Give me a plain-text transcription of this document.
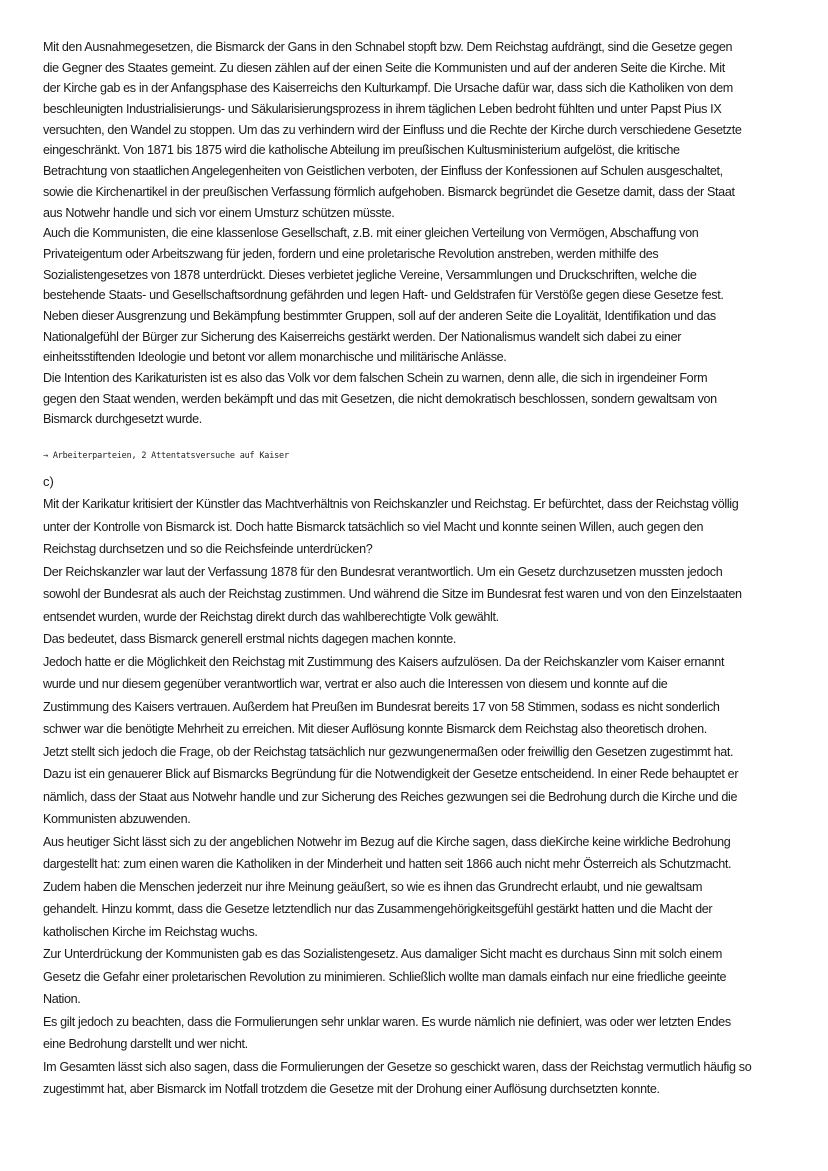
Mit den Ausnahmegesetzen, die Bismarck der Gans in den Schnabel stopft bzw. Dem Reichstag aufdrängt, sind die Gesetze gegen
die Gegner des Staates gemeint. Zu diesen zählen auf der einen Seite die Kommunisten und auf der anderen Seite die Kirche. Mit
der Kirche gab es in der Anfangsphase des Kaiserreichs den Kulturkampf. Die Ursache dafür war, dass sich die Katholiken von dem
beschleunigten Industrialisierungs- und Säkularisierungsprozess in ihrem täglichen Leben bedroht fühlten und unter Papst Pius IX
versuchten, den Wandel zu stoppen. Um das zu verhindern wird der Einfluss und die Rechte der Kirche durch verschiedene Gesetzte
eingeschränkt. Von 1871 bis 1875 wird die katholische Abteilung im preußischen Kultusministerium aufgelöst, die kritische
Betrachtung von staatlichen Angelegenheiten von Geistlichen verboten, der Einfluss der Konfessionen auf Schulen ausgeschaltet,
sowie die Kirchenartikel in der preußischen Verfassung förmlich aufgehoben. Bismarck begründet die Gesetze damit, dass der Staat
aus Notwehr handle und sich vor einem Umsturz schützen müsste.
Auch die Kommunisten, die eine klassenlose Gesellschaft, z.B. mit einer gleichen Verteilung von Vermögen, Abschaffung von
Privateigentum oder Arbeitszwang für jeden, fordern und eine proletarische Revolution anstreben, werden mithilfe des
Sozialistengesetzes von 1878 unterdrückt. Dieses verbietet jegliche Vereine, Versammlungen und Druckschriften, welche die
bestehende Staats- und Gesellschaftsordnung gefährden und legen Haft- und Geldstrafen für Verstöße gegen diese Gesetze fest.
Neben dieser Ausgrenzung und Bekämpfung bestimmter Gruppen, soll auf der anderen Seite die Loyalität, Identifikation und das
Nationalgefühl der Bürger zur Sicherung des Kaiserreichs gestärkt werden. Der Nationalismus wandelt sich dabei zu einer
einheitsstiftenden Ideologie und betont vor allem monarchische und militärische Anlässe.
Die Intention des Karikaturisten ist es also das Volk vor dem falschen Schein zu warnen, denn alle, die sich in irgendeiner Form
gegen den Staat wenden, werden bekämpft und das mit Gesetzen, die nicht demokratisch beschlossen, sondern gewaltsam von
Bismarck durchgesetzt wurde.
→ Arbeiterparteien, 2 Attentatsversuche auf Kaiser
c)
Mit der Karikatur kritisiert der Künstler das Machtverhältnis von Reichskanzler und Reichstag. Er befürchtet, dass der Reichstag völlig
unter der Kontrolle von Bismarck ist. Doch hatte Bismarck tatsächlich so viel Macht und konnte seinen Willen, auch gegen den
Reichstag durchsetzen und so die Reichsfeinde unterdrücken?
Der Reichskanzler war laut der Verfassung 1878 für den Bundesrat verantwortlich. Um ein Gesetz durchzusetzen mussten jedoch
sowohl der Bundesrat als auch der Reichstag zustimmen. Und während die Sitze im Bundesrat fest waren und von den Einzelstaaten
entsendet wurden, wurde der Reichstag direkt durch das wahlberechtigte Volk gewählt.
Das bedeutet, dass Bismarck generell erstmal nichts dagegen machen konnte.
Jedoch hatte er die Möglichkeit den Reichstag mit Zustimmung des Kaisers aufzulösen. Da der Reichskanzler vom Kaiser ernannt
wurde und nur diesem gegenüber verantwortlich war, vertrat er also auch die Interessen von diesem und konnte auf die
Zustimmung des Kaisers vertrauen. Außerdem hat Preußen im Bundesrat bereits 17 von 58 Stimmen, sodass es nicht sonderlich
schwer war die benötigte Mehrheit zu erreichen. Mit dieser Auflösung konnte Bismarck dem Reichstag also theoretisch drohen.
Jetzt stellt sich jedoch die Frage, ob der Reichstag tatsächlich nur gezwungenermaßen oder freiwillig den Gesetzen zugestimmt hat.
Dazu ist ein genauerer Blick auf Bismarcks Begründung für die Notwendigkeit der Gesetze entscheidend. In einer Rede behauptet er
nämlich, dass der Staat aus Notwehr handle und zur Sicherung des Reiches gezwungen sei die Bedrohung durch die Kirche und die
Kommunisten abzuwenden.
Aus heutiger Sicht lässt sich zu der angeblichen Notwehr im Bezug auf die Kirche sagen, dass dieKirche keine wirkliche Bedrohung
dargestellt hat: zum einen waren die Katholiken in der Minderheit und hatten seit 1866 auch nicht mehr Österreich als Schutzmacht.
Zudem haben die Menschen jederzeit nur ihre Meinung geäußert, so wie es ihnen das Grundrecht erlaubt, und nie gewaltsam
gehandelt. Hinzu kommt, dass die Gesetze letztendlich nur das Zusammengehörigkeitsgefühl gestärkt hatten und die Macht der
katholischen Kirche im Reichstag wuchs.
Zur Unterdrückung der Kommunisten gab es das Sozialistengesetz. Aus damaliger Sicht macht es durchaus Sinn mit solch einem
Gesetz die Gefahr einer proletarischen Revolution zu minimieren. Schließlich wollte man damals einfach nur eine friedliche geeinte
Nation.
Es gilt jedoch zu beachten, dass die Formulierungen sehr unklar waren. Es wurde nämlich nie definiert, was oder wer letzten Endes
eine Bedrohung darstellt und wer nicht.
Im Gesamten lässt sich also sagen, dass die Formulierungen der Gesetze so geschickt waren, dass der Reichstag vermutlich häufig so
zugestimmt hat, aber Bismarck im Notfall trotzdem die Gesetze mit der Drohung einer Auflösung durchsetzten konnte.
